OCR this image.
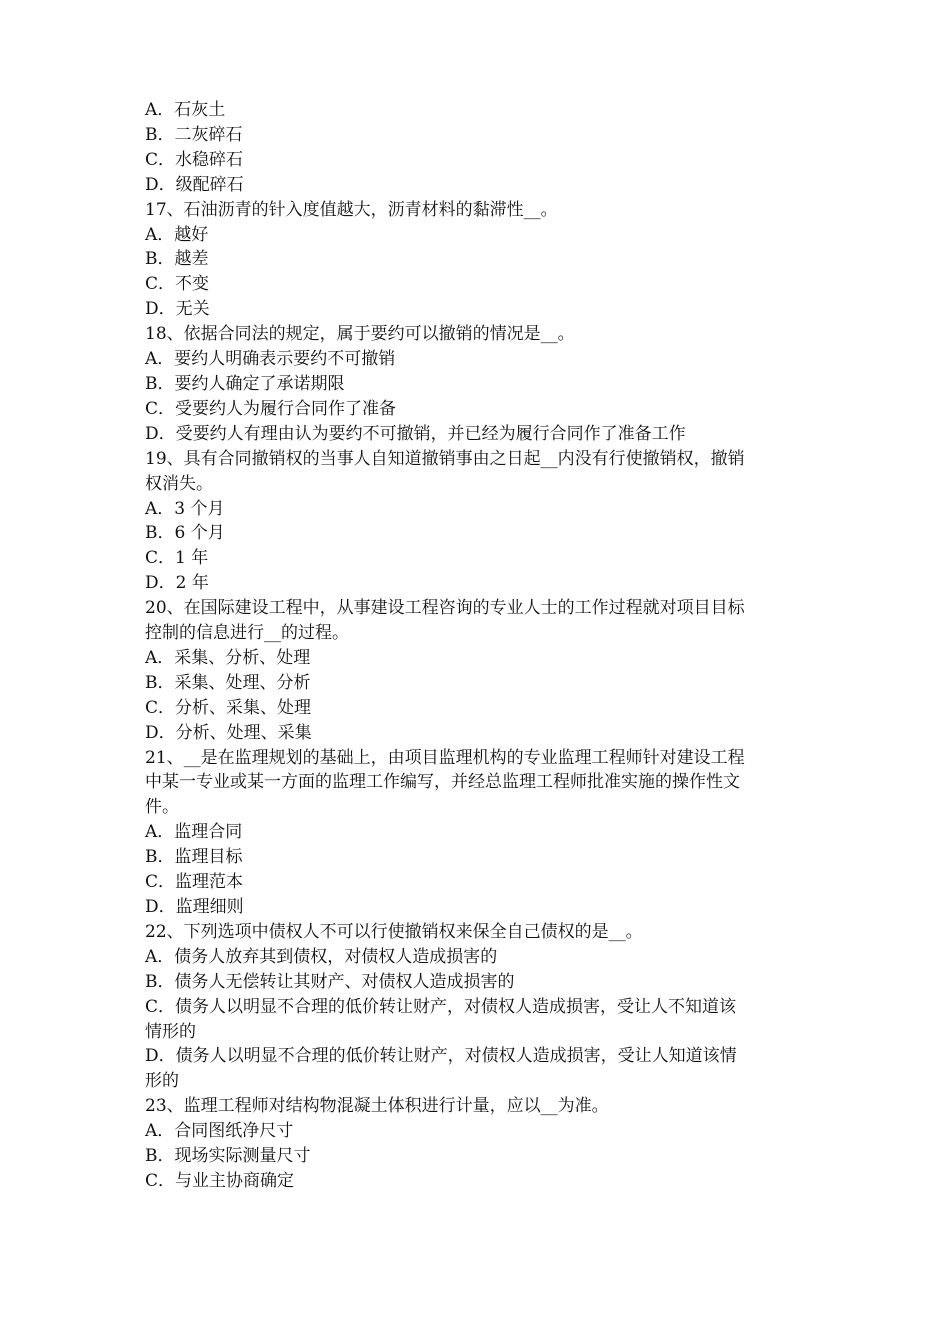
A．石灰土
B．二灰碎石
C．水稳碎石
D．级配碎石
17、石油沥青的针入度值越大，沥青材料的黏滞性__。
A．越好
B．越差
C．不变
D．无关
18、依据合同法的规定，属于要约可以撤销的情况是__。
A．要约人明确表示要约不可撤销
B．要约人确定了承诺期限
C．受要约人为履行合同作了准备
D．受要约人有理由认为要约不可撤销，并已经为履行合同作了准备工作
19、具有合同撤销权的当事人自知道撤销事由之日起__内没有行使撤销权，撤销
权消失。
A．3 个月
B．6 个月
C．1 年
D．2 年
20、在国际建设工程中，从事建设工程咨询的专业人士的工作过程就对项目目标
控制的信息进行__的过程。
A．采集、分析、处理
B．采集、处理、分析
C．分析、采集、处理
D．分析、处理、采集
21、__是在监理规划的基础上，由项目监理机构的专业监理工程师针对建设工程
中某一专业或某一方面的监理工作编写，并经总监理工程师批准实施的操作性文
件。
A．监理合同
B．监理目标
C．监理范本
D．监理细则
22、下列选项中债权人不可以行使撤销权来保全自己债权的是__。
A．债务人放弃其到债权，对债权人造成损害的
B．债务人无偿转让其财产、对债权人造成损害的
C．债务人以明显不合理的低价转让财产，对债权人造成损害，受让人不知道该
情形的
D．债务人以明显不合理的低价转让财产，对债权人造成损害，受让人知道该情
形的
23、监理工程师对结构物混凝土体积进行计量，应以__为准。
A．合同图纸净尺寸
B．现场实际测量尺寸
C．与业主协商确定
